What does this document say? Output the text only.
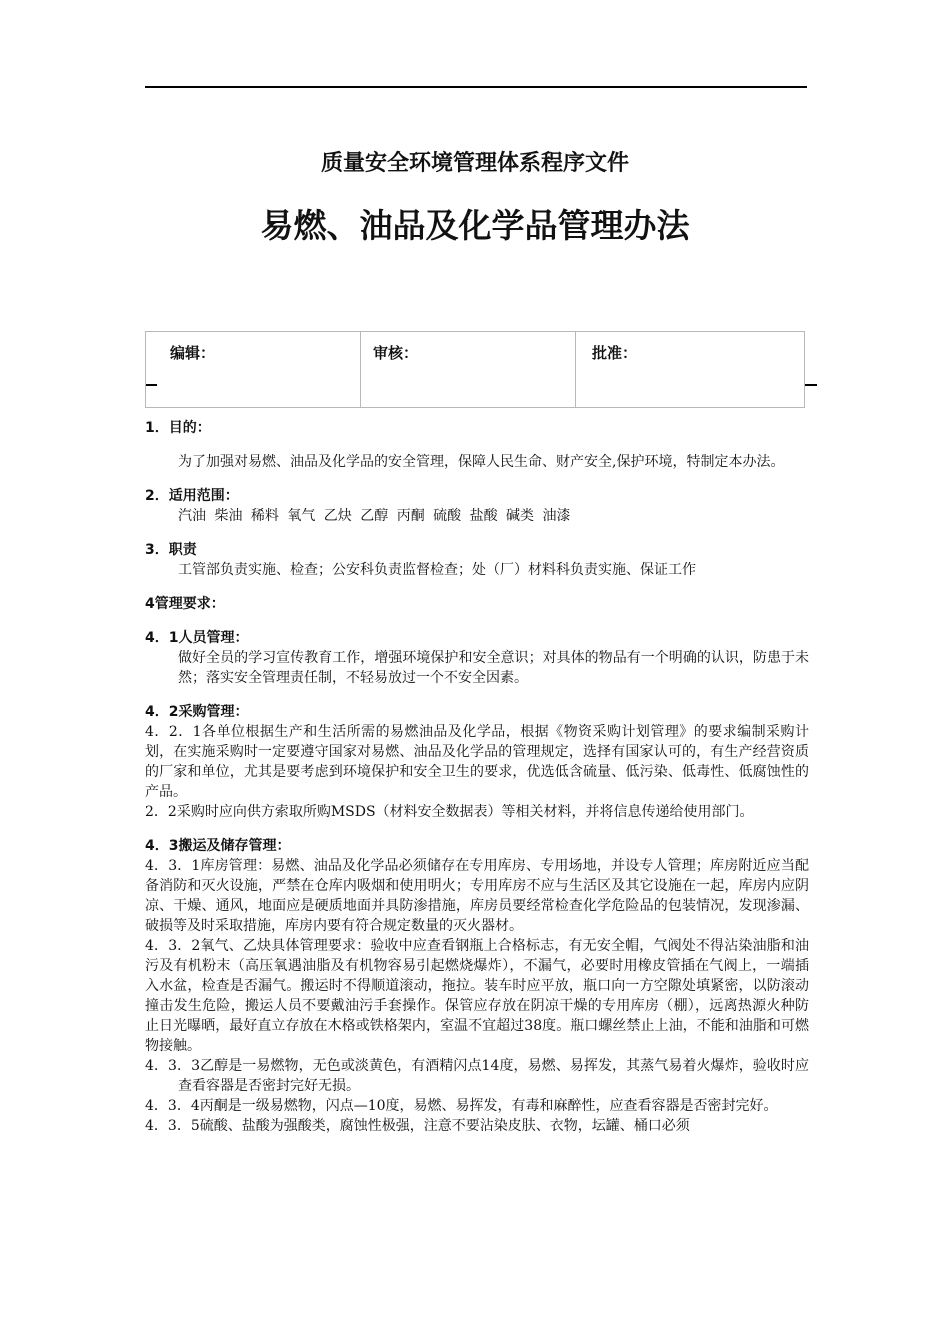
质量安全环境管理体系程序文件
易燃、油品及化学品管理办法
编辑：	审核：	批准：

1．目的：

为了加强对易燃、油品及化学品的安全管理，保障人民生命、财产安全,保护环境，特制定本办法。

2．适用范围：

汽油 柴油 稀料 氧气 乙炔 乙醇 丙酮 硫酸 盐酸 碱类 油漆

3．职责

工管部负责实施、检查；公安科负责监督检查；处（厂）材料科负责实施、保证工作

4管理要求：

4．1人员管理：

做好全员的学习宣传教育工作，增强环境保护和安全意识；对具体的物品有一个明确的认识，防患于未然；落实安全管理责任制，不轻易放过一个不安全因素。

4．2采购管理：

4．2．1各单位根据生产和生活所需的易燃油品及化学品，根据《物资采购计划管理》的要求编制采购计划，在实施采购时一定要遵守国家对易燃、油品及化学品的管理规定，选择有国家认可的，有生产经营资质的厂家和单位，尤其是要考虑到环境保护和安全卫生的要求，优选低含硫量、低污染、低毒性、低腐蚀性的产品。

2．2采购时应向供方索取所购MSDS（材料安全数据表）等相关材料，并将信息传递给使用部门。

4．3搬运及储存管理：

4．3．1库房管理：易燃、油品及化学品必须储存在专用库房、专用场地，并设专人管理；库房附近应当配备消防和灭火设施，严禁在仓库内吸烟和使用明火；专用库房不应与生活区及其它设施在一起，库房内应阴凉、干燥、通风，地面应是硬质地面并具防渗措施，库房员要经常检查化学危险品的包装情况，发现渗漏、破损等及时采取措施，库房内要有符合规定数量的灭火器材。

4．3．2氧气、乙炔具体管理要求：验收中应查看钢瓶上合格标志，有无安全帽，气阀处不得沾染油脂和油污及有机粉末（高压氧遇油脂及有机物容易引起燃烧爆炸），不漏气，必要时用橡皮管插在气阀上，一端插入水盆，检查是否漏气。搬运时不得顺道滚动，拖拉。装车时应平放，瓶口向一方空隙处填紧密，以防滚动撞击发生危险，搬运人员不要戴油污手套操作。保管应存放在阴凉干燥的专用库房（棚），远离热源火种防止日光曝晒，最好直立存放在木格或铁格架内，室温不宜超过38度。瓶口螺丝禁止上油，不能和油脂和可燃物接触。

4．3．3乙醇是一易燃物，无色或淡黄色，有酒精闪点14度，易燃、易挥发，其蒸气易着火爆炸，验收时应查看容器是否密封完好无损。

4．3．4丙酮是一级易燃物，闪点—10度，易燃、易挥发，有毒和麻醉性，应查看容器是否密封完好。

4．3．5硫酸、盐酸为强酸类，腐蚀性极强，注意不要沾染皮肤、衣物，坛罐、桶口必须
